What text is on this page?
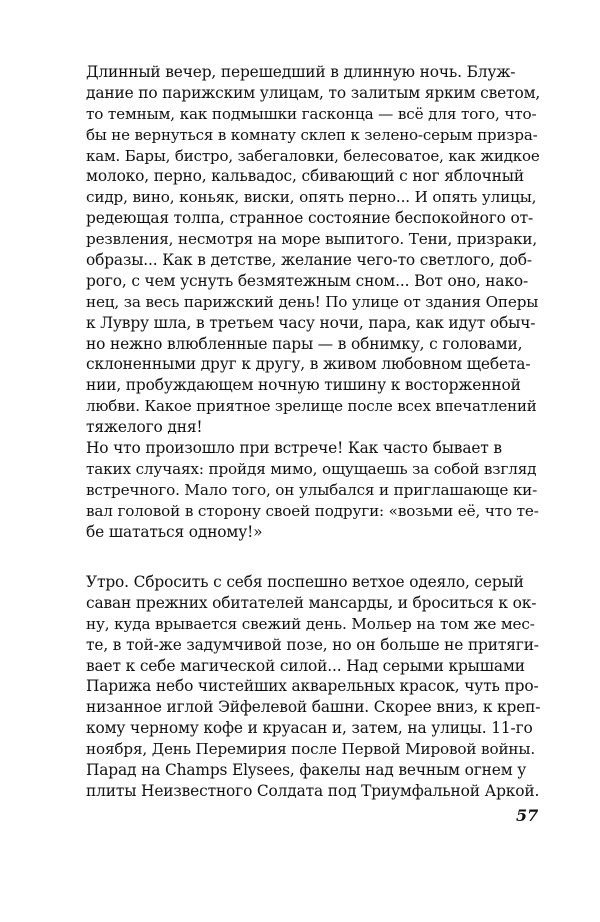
Длинный вечер, перешедший в длинную ночь. Блуж-
дание по парижским улицам, то залитым ярким светом,
то темным, как подмышки гасконца — всё для того, что-
бы не вернуться в комнату склеп к зелено-серым призра-
кам. Бары, бистро, забегаловки, белесоватое, как жидкое
молоко, перно, кальвадос, сбивающий с ног яблочный
сидр, вино, коньяк, виски, опять перно... И опять улицы,
редеющая толпа, странное состояние беспокойного от-
резвления, несмотря на море выпитого. Тени, призраки,
образы... Как в детстве, желание чего-то светлого, доб-
рого, с чем уснуть безмятежным сном... Вот оно, нако-
нец, за весь парижский день! По улице от здания Оперы
к Лувру шла, в третьем часу ночи, пара, как идут обыч-
но нежно влюбленные пары — в обнимку, с головами,
склоненными друг к другу, в живом любовном щебета-
нии, пробуждающем ночную тишину к восторженной
любви. Какое приятное зрелище после всех впечатлений
тяжелого дня!
Но что произошло при встрече! Как часто бывает в
таких случаях: пройдя мимо, ощущаешь за собой взгляд
встречного. Мало того, он улыбался и приглашающе ки-
вал головой в сторону своей подруги: «возьми её, что те-
бе шататься одному!»
Утро. Сбросить с себя поспешно ветхое одеяло, серый
саван прежних обитателей мансарды, и броситься к ок-
ну, куда врывается свежий день. Мольер на том же мес-
те, в той-же задумчивой позе, но он больше не притяги-
вает к себе магической силой... Над серыми крышами
Парижа небо чистейших акварельных красок, чуть про-
низанное иглой Эйфелевой башни. Скорее вниз, к креп-
кому черному кофе и круасан и, затем, на улицы. 11-го
ноября, День Перемирия после Первой Мировой войны.
Парад на Champs Elysees, факелы над вечным огнем у
плиты Неизвестного Солдата под Триумфальной Аркой.
57
